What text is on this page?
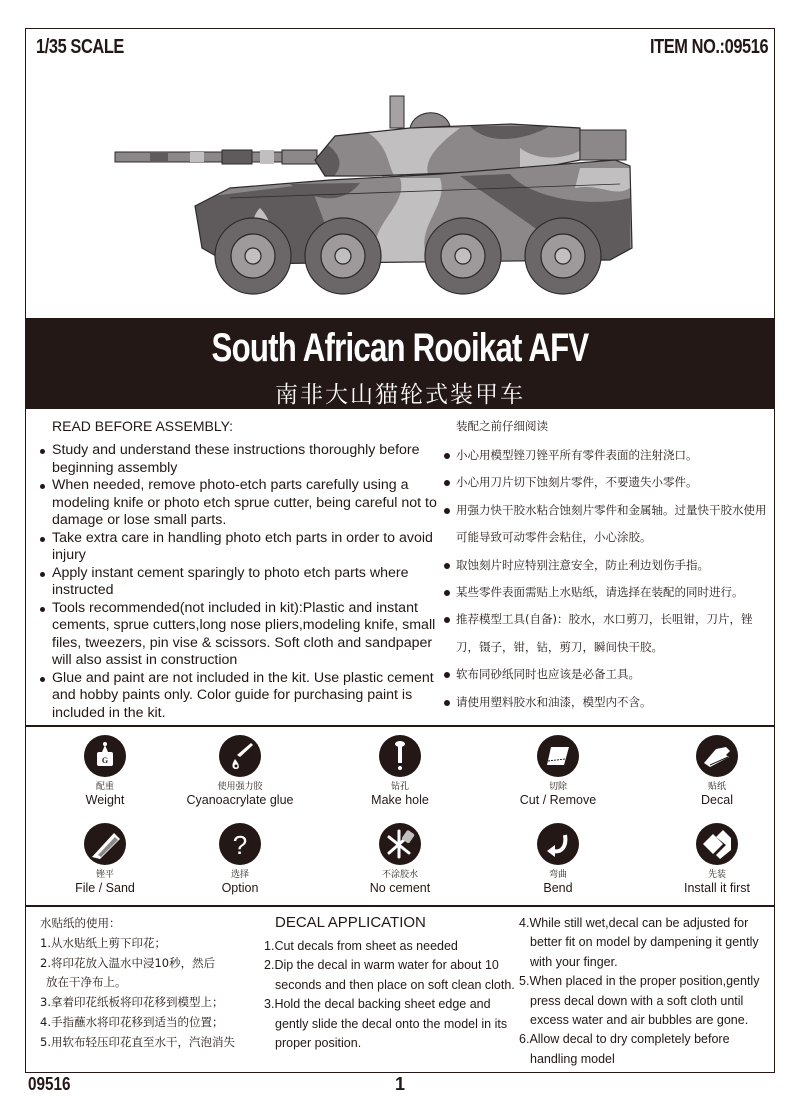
1/35 SCALE	ITEM NO.:09516
South African Rooikat AFV
南非大山猫轮式装甲车
READ BEFORE ASSEMBLY:
Study and understand these instructions thoroughly before beginning assembly
When needed, remove photo-etch parts carefully using a modeling knife or photo etch sprue cutter, being careful not to damage or lose small parts.
Take extra care in handling photo etch parts in order to avoid injury
Apply instant cement sparingly to photo etch parts where instructed
Tools recommended(not included in kit):Plastic and instant cements, sprue cutters,long nose pliers,modeling knife, small files, tweezers, pin vise & scissors. Soft cloth and sandpaper will also assist in construction
Glue and paint are not included in the kit. Use plastic cement and hobby paints only. Color guide for purchasing paint is included in the kit.
装配之前仔细阅读
小心用模型锉刀锉平所有零件表面的注射浇口。
小心用刀片切下蚀刻片零件，不要遗失小零件。
用强力快干胶水粘合蚀刻片零件和金属轴。过量快干胶水使用可能导致可动零件会粘住，小心涂胶。
取蚀刻片时应特别注意安全，防止利边划伤手指。
某些零件表面需贴上水贴纸，请选择在装配的同时进行。
推荐模型工具(自备)：胶水，水口剪刀，长咀钳，刀片，锉刀，镊子，钳，钻，剪刀，瞬间快干胶。
软布同砂纸同时也应该是必备工具。
请使用塑料胶水和油漆，模型内不含。
G
配重
Weight
使用强力胶
Cyanoacrylate glue
钻孔
Make hole
切除
Cut / Remove
贴纸
Decal
锉平
File / Sand
?
选择
Option
不涂胶水
No cement
弯曲
Bend
先装
Install it first
水贴纸的使用：
1.从水贴纸上剪下印花；
2.将印花放入温水中浸10秒，然后
放在干净布上。
3.拿着印花纸板将印花移到模型上；
4.手指蘸水将印花移到适当的位置；
5.用软布轻压印花直至水干，汽泡消失
DECAL APPLICATION
1.Cut decals from sheet as needed
2.Dip the decal in warm water for about 10
seconds and then place on soft clean cloth.
3.Hold the decal backing sheet edge and
gently slide the decal onto the model in its
proper position.
4.While still wet,decal can be adjusted for
better fit on model by dampening it gently
with your finger.
5.When placed in the proper position,gently
press decal down with a soft cloth until
excess water and air bubbles are gone.
6.Allow decal to dry completely before
handling model
09516	1
